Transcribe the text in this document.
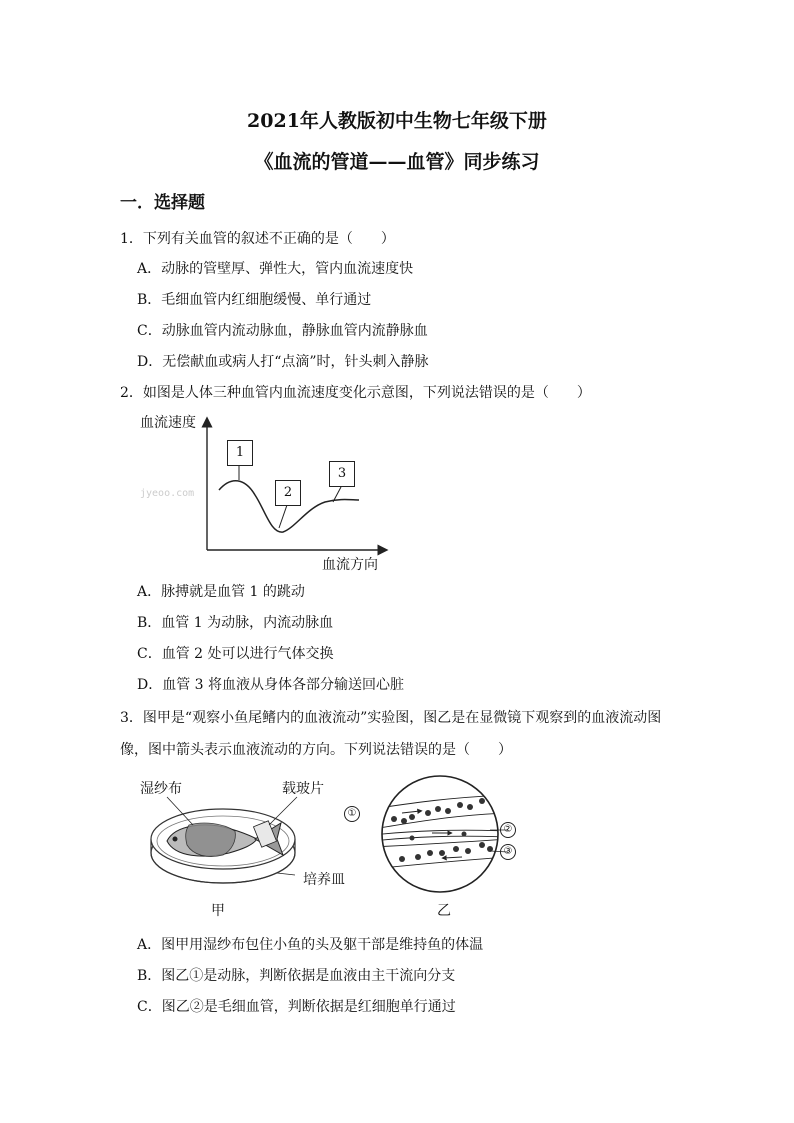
2021年人教版初中生物七年级下册
《血流的管道——血管》同步练习
一．选择题
1．下列有关血管的叙述不正确的是（　　）
A．动脉的管壁厚、弹性大，管内血流速度快
B．毛细血管内红细胞缓慢、单行通过
C．动脉血管内流动脉血，静脉血管内流静脉血
D．无偿献血或病人打“点滴”时，针头刺入静脉
2．如图是人体三种血管内血流速度变化示意图，下列说法错误的是（　　）
血流速度
1
2
3
jyeoo.com
血流方向
A．脉搏就是血管 1 的跳动
B．血管 1 为动脉，内流动脉血
C．血管 2 处可以进行气体交换
D．血管 3 将血液从身体各部分输送回心脏
3．图甲是“观察小鱼尾鳍内的血液流动”实验图，图乙是在显微镜下观察到的血液流动图
像，图中箭头表示血液流动的方向。下列说法错误的是（　　）
湿纱布	载玻片
培养皿
甲
①
②
③
乙
A．图甲用湿纱布包住小鱼的头及躯干部是维持鱼的体温
B．图乙①是动脉，判断依据是血液由主干流向分支
C．图乙②是毛细血管，判断依据是红细胞单行通过
